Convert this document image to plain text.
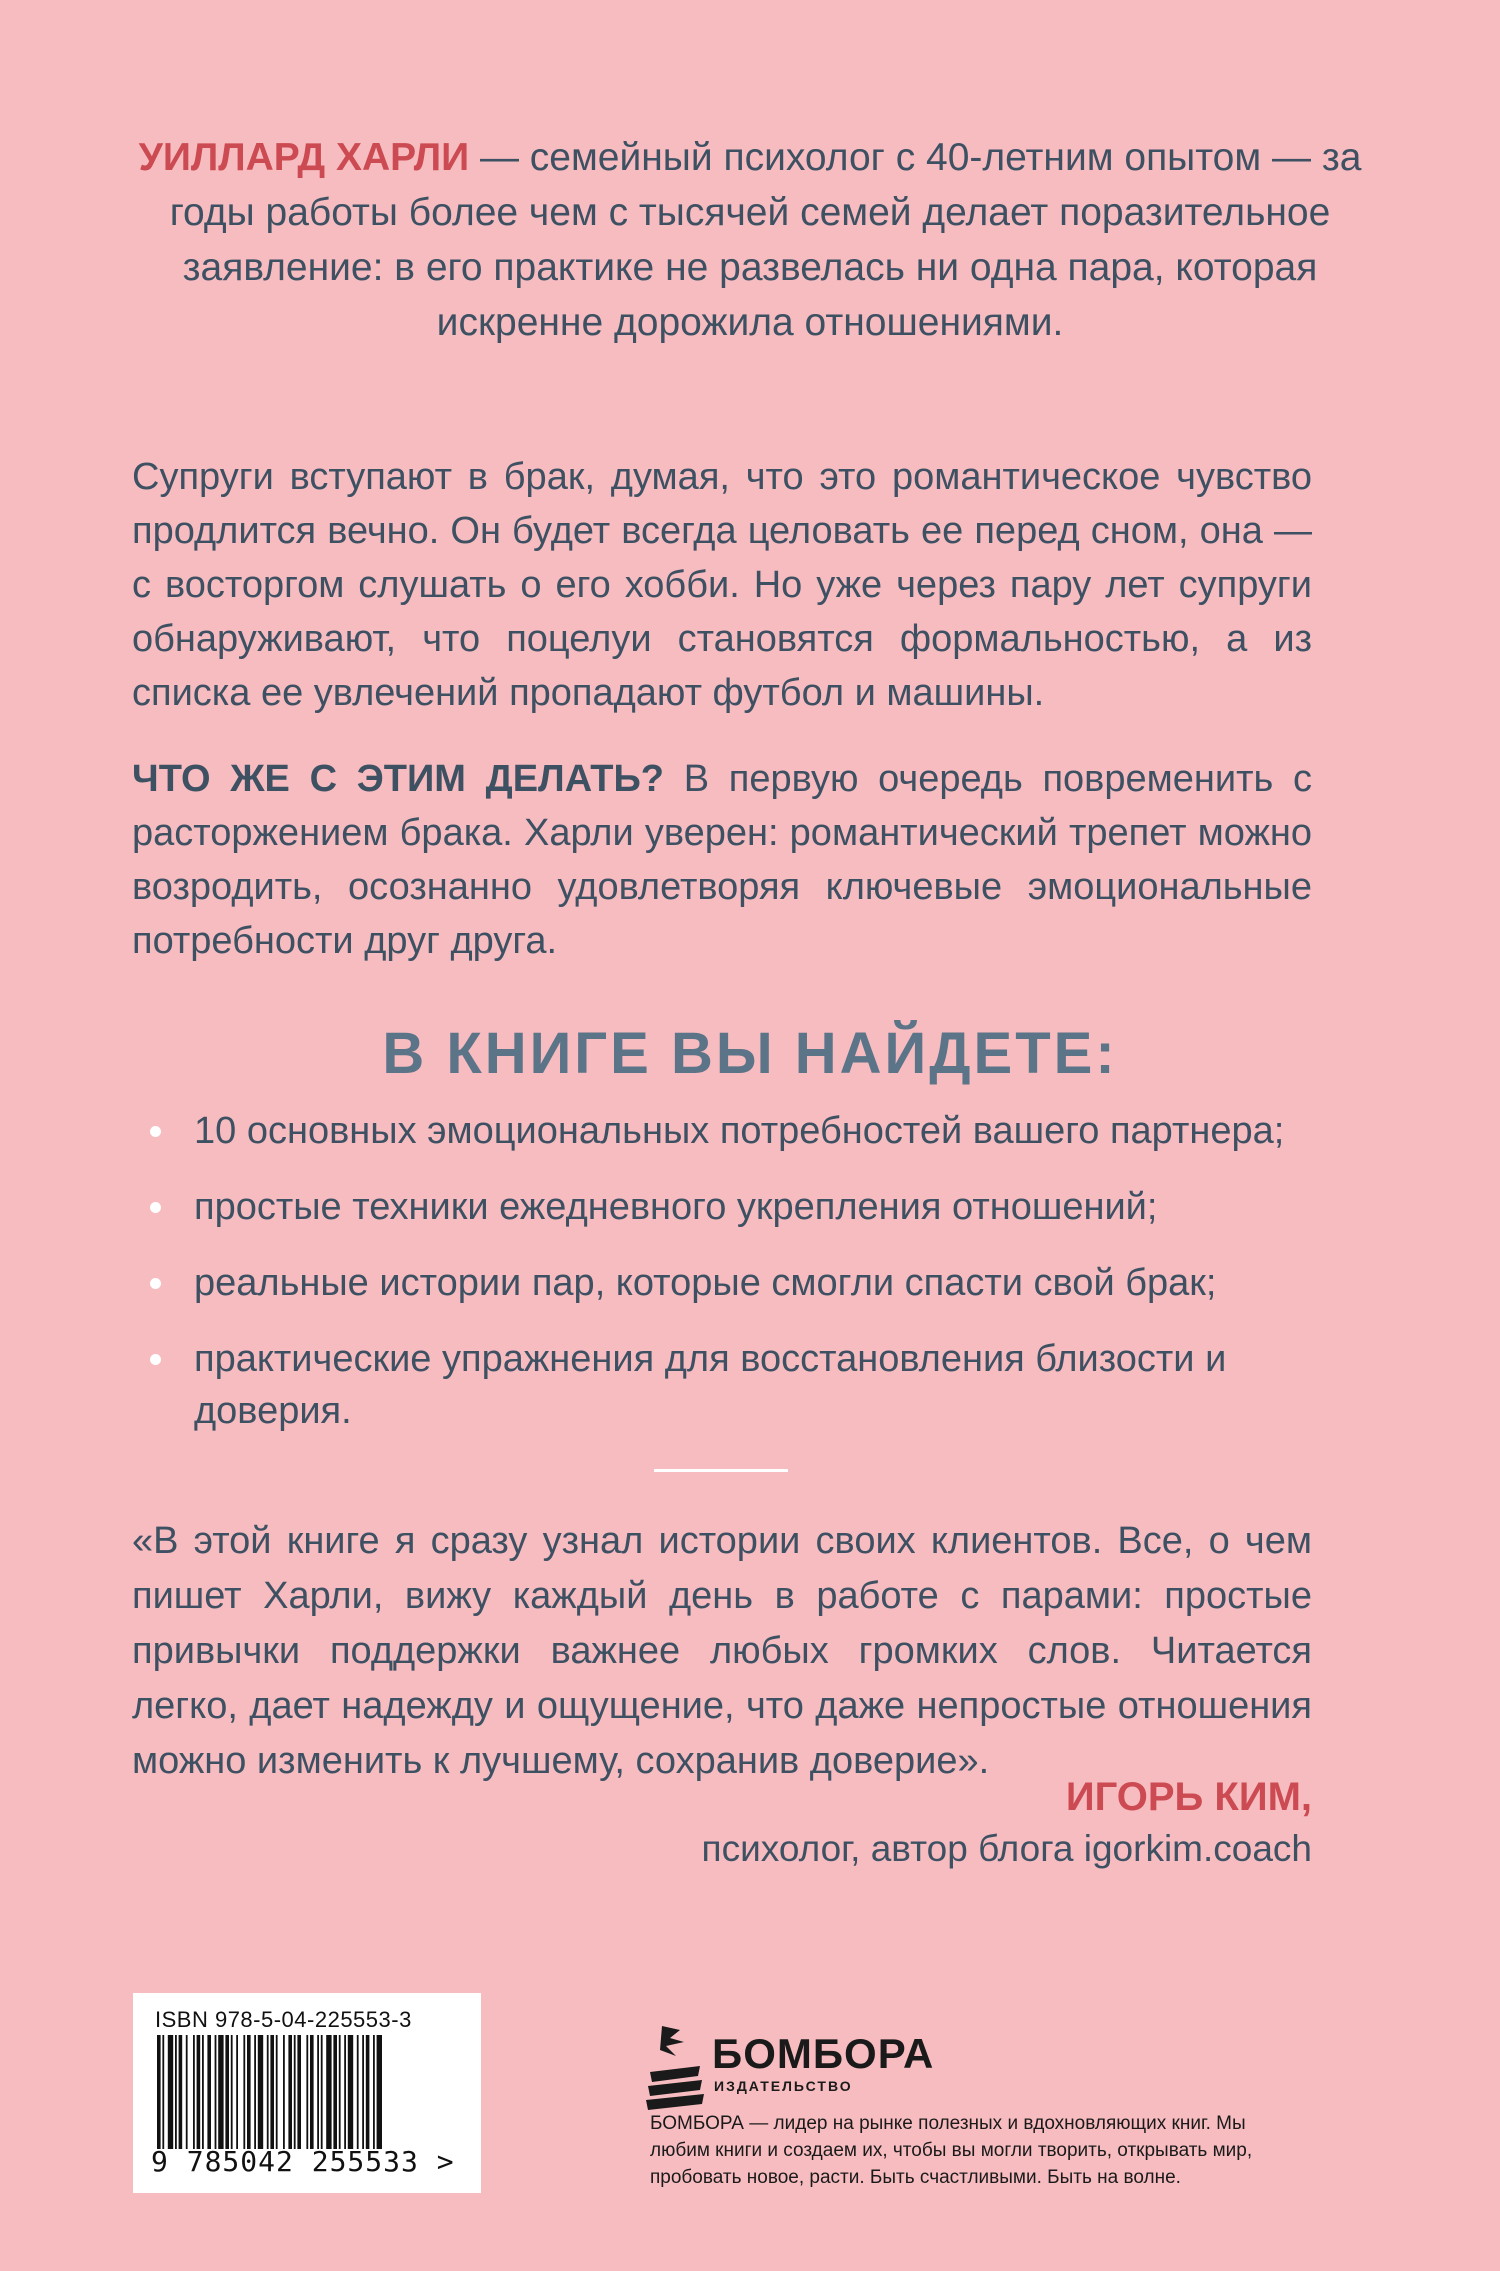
УИЛЛАРД ХАРЛИ — семейный психолог с 40-летним опытом — за годы работы более чем с тысячей семей делает поразительное заявление: в его практике не развелась ни одна пара, которая искренне дорожила отношениями.
Супруги вступают в брак, думая, что это романтическое чувство продлится вечно. Он будет всегда целовать ее перед сном, она — с восторгом слушать о его хобби. Но уже через пару лет супруги обнаруживают, что поцелуи становятся формальностью, а из списка ее увлечений пропадают футбол и машины.
ЧТО ЖЕ С ЭТИМ ДЕЛАТЬ? В первую очередь повременить с расторжением брака. Харли уверен: романтический трепет можно возродить, осознанно удовлетворяя ключевые эмоциональные потребности друг друга.
В КНИГЕ ВЫ НАЙДЕТЕ:
10 основных эмоциональных потребностей вашего партнера;
простые техники ежедневного укрепления отношений;
реальные истории пар, которые смогли спасти свой брак;
практические упражнения для восстановления близости и доверия.
«В этой книге я сразу узнал истории своих клиентов. Все, о чем пишет Харли, вижу каждый день в работе с парами: простые привычки поддержки важнее любых громких слов. Читается легко, дает надежду и ощущение, что даже непростые отношения можно изменить к лучшему, сохранив доверие».
ИГОРЬ КИМ,
психолог, автор блога igorkim.coach
ISBN 978-5-04-225553-3
9 785042 255533 >
БОМБОРА
ИЗДАТЕЛЬСТВО
БОМБОРА — лидер на рынке полезных и вдохновляющих книг. Мы любим книги и создаем их, чтобы вы могли творить, открывать мир, пробовать новое, расти. Быть счастливыми. Быть на волне.
